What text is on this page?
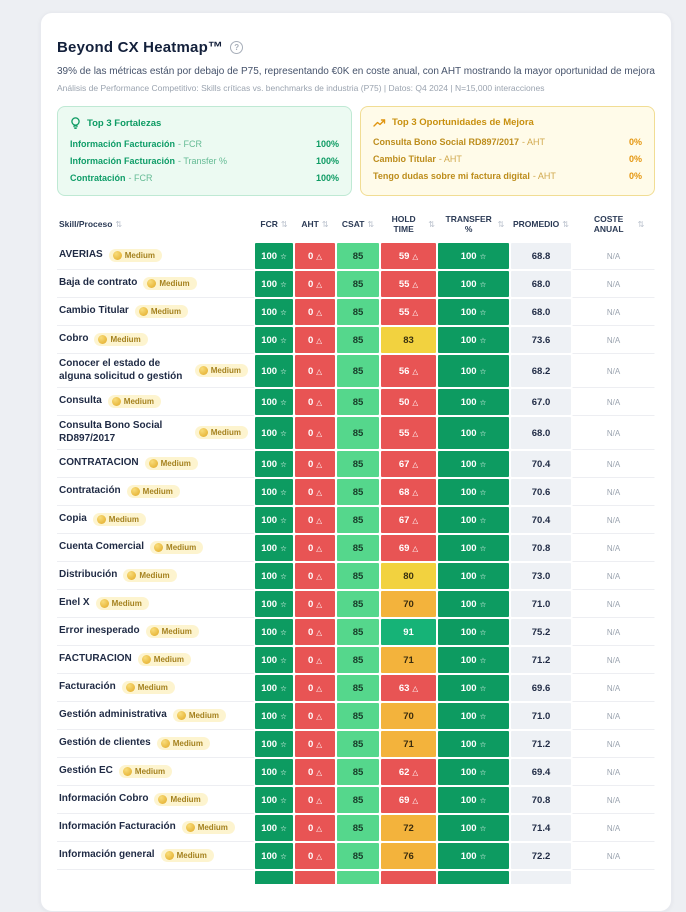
Beyond CX Heatmap™	?

39% de las métricas están por debajo de P75, representando €0K en coste anual, con AHT mostrando la mayor oportunidad de mejora

Análisis de Performance Competitivo: Skills críticas vs. benchmarks de industria (P75) | Datos: Q4 2024 | N=15,000 interacciones

Top 3 Fortalezas
Información Facturación - FCR	100%
Información Facturación - Transfer %	100%
Contratación - FCR	100%
Top 3 Oportunidades de Mejora
Consulta Bono Social RD897/2017 - AHT	0%
Cambio Titular - AHT	0%
Tengo dudas sobre mi factura digital - AHT	0%
Skill/Proceso ⇅	FCR ⇅ AHT ⇅ CSAT ⇅
HOLD TIME	⇅
TRANSFER %	⇅ PROMEDIO ⇅
COSTE ANUAL	⇅
AVERIAS	Medium	100 ☆ 0 △	85	59 △	100 ☆	68.8	N/A
Baja de contrato	Medium	100 ☆ 0 △	85	55 △	100 ☆	68.0	N/A
Cambio Titular	Medium	100 ☆ 0 △	85	55 △	100 ☆	68.0	N/A
Cobro	Medium	100 ☆ 0 △	85	83	100 ☆	73.6	N/A
Conocer el estado de alguna solicitud o gestión	Medium 100 ☆ 0 △	85	56 △	100 ☆	68.2	N/A
Consulta	Medium	100 ☆ 0 △	85	50 △	100 ☆	67.0	N/A
Consulta Bono Social RD897/2017	Medium 100 ☆ 0 △	85	55 △	100 ☆	68.0	N/A
CONTRATACION	Medium	100 ☆ 0 △	85	67 △	100 ☆	70.4	N/A
Contratación	Medium	100 ☆ 0 △	85	68 △	100 ☆	70.6	N/A
Copia	Medium	100 ☆ 0 △	85	67 △	100 ☆	70.4	N/A
Cuenta Comercial	Medium	100 ☆ 0 △	85	69 △	100 ☆	70.8	N/A
Distribución	Medium	100 ☆ 0 △	85	80	100 ☆	73.0	N/A
Enel X	Medium	100 ☆ 0 △	85	70	100 ☆	71.0	N/A
Error inesperado	Medium	100 ☆ 0 △	85	91	100 ☆	75.2	N/A
FACTURACION	Medium	100 ☆ 0 △	85	71	100 ☆	71.2	N/A
Facturación	Medium	100 ☆ 0 △	85	63 △	100 ☆	69.6	N/A
Gestión administrativa	Medium	100 ☆ 0 △	85	70	100 ☆	71.0	N/A
Gestión de clientes	Medium	100 ☆ 0 △	85	71	100 ☆	71.2	N/A
Gestión EC	Medium	100 ☆ 0 △	85	62 △	100 ☆	69.4	N/A
Información Cobro	Medium	100 ☆ 0 △	85	69 △	100 ☆	70.8	N/A
Información Facturación	Medium	100 ☆ 0 △	85	72	100 ☆	71.4	N/A
Información general	Medium	100 ☆ 0 △	85	76	100 ☆	72.2	N/A
